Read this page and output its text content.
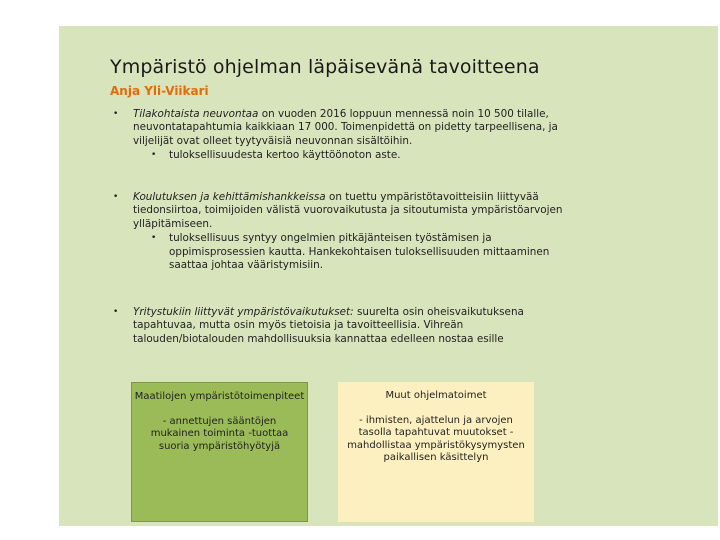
Ympäristö ohjelman läpäisevänä tavoitteena
Anja Yli-Viikari
• Tilakohtaista neuvontaa on vuoden 2016 loppuun mennessä noin 10 500 tilalle, neuvontatapahtumia kaikkiaan 17 000. Toimenpidettä on pidetty tarpeellisena, ja viljelijät ovat olleet tyytyväisiä neuvonnan sisältöihin.
• tuloksellisuudesta kertoo käyttöönoton aste.
• Koulutuksen ja kehittämishankkeissa on tuettu ympäristötavoitteisiin liittyvää tiedonsiirtoa, toimijoiden välistä vuorovaikutusta ja sitoutumista ympäristöarvojen ylläpitämiseen.
• tuloksellisuus syntyy ongelmien pitkäjänteisen työstämisen ja oppimisprosessien kautta. Hankekohtaisen tuloksellisuuden mittaaminen saattaa johtaa vääristymisiin.
• Yritystukiin liittyvät ympäristövaikutukset: suurelta osin oheisvaikutuksena tapahtuvaa, mutta osin myös tietoisia ja tavoitteellisia. Vihreän talouden/biotalouden mahdollisuuksia kannattaa edelleen nostaa esille
Maatilojen ympäristötoimenpiteet
- annettujen sääntöjen mukainen toiminta -tuottaa suoria ympäristöhyötyjä
Muut ohjelmatoimet
- ihmisten, ajattelun ja arvojen tasolla tapahtuvat muutokset - mahdollistaa ympäristökysymysten paikallisen käsittelyn
